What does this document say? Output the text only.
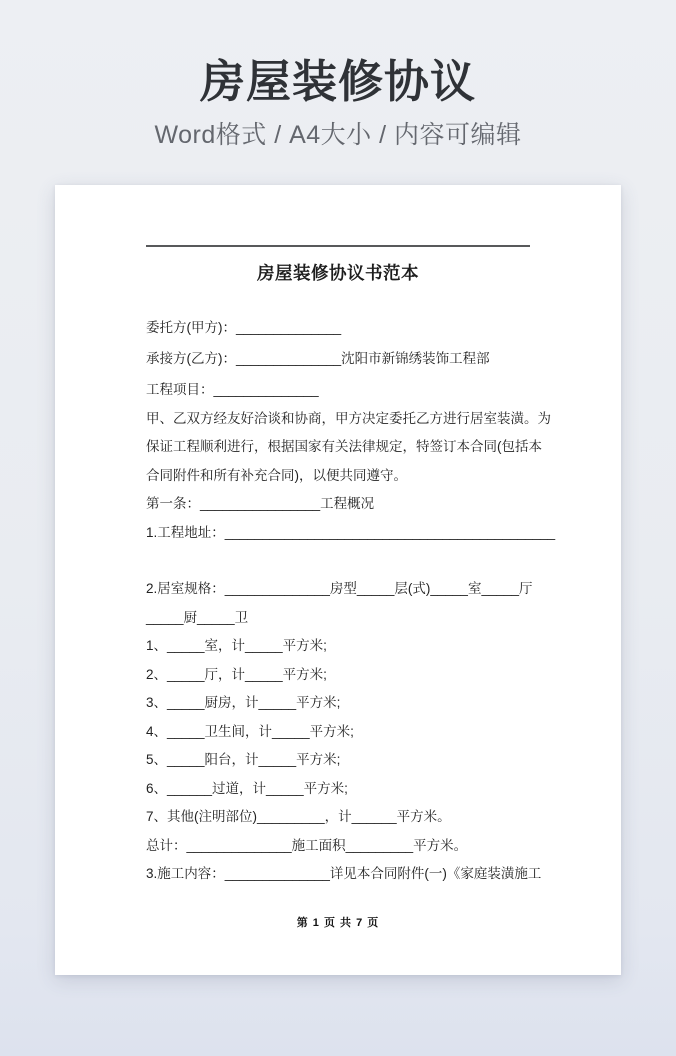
房屋装修协议
Word格式 / A4大小 / 内容可编辑
房屋装修协议书范本
委托方(甲方)：______________
承接方(乙方)：______________沈阳市新锦绣装饰工程部
工程项目：______________
甲、乙双方经友好洽谈和协商，甲方决定委托乙方进行居室装潢。为
保证工程顺利进行，根据国家有关法律规定，特签订本合同(包括本
合同附件和所有补充合同)，以便共同遵守。
第一条：________________工程概况
1.工程地址：____________________________________________
2.居室规格：______________房型_____层(式)_____室_____厅
_____厨_____卫
1、_____室，计_____平方米;
2、_____厅，计_____平方米;
3、_____厨房，计_____平方米;
4、_____卫生间，计_____平方米;
5、_____阳台，计_____平方米;
6、______过道，计_____平方米;
7、其他(注明部位)_________，计______平方米。
总计：______________施工面积_________平方米。
3.施工内容：______________详见本合同附件(一)《家庭装潢施工
第 1 页 共 7 页
